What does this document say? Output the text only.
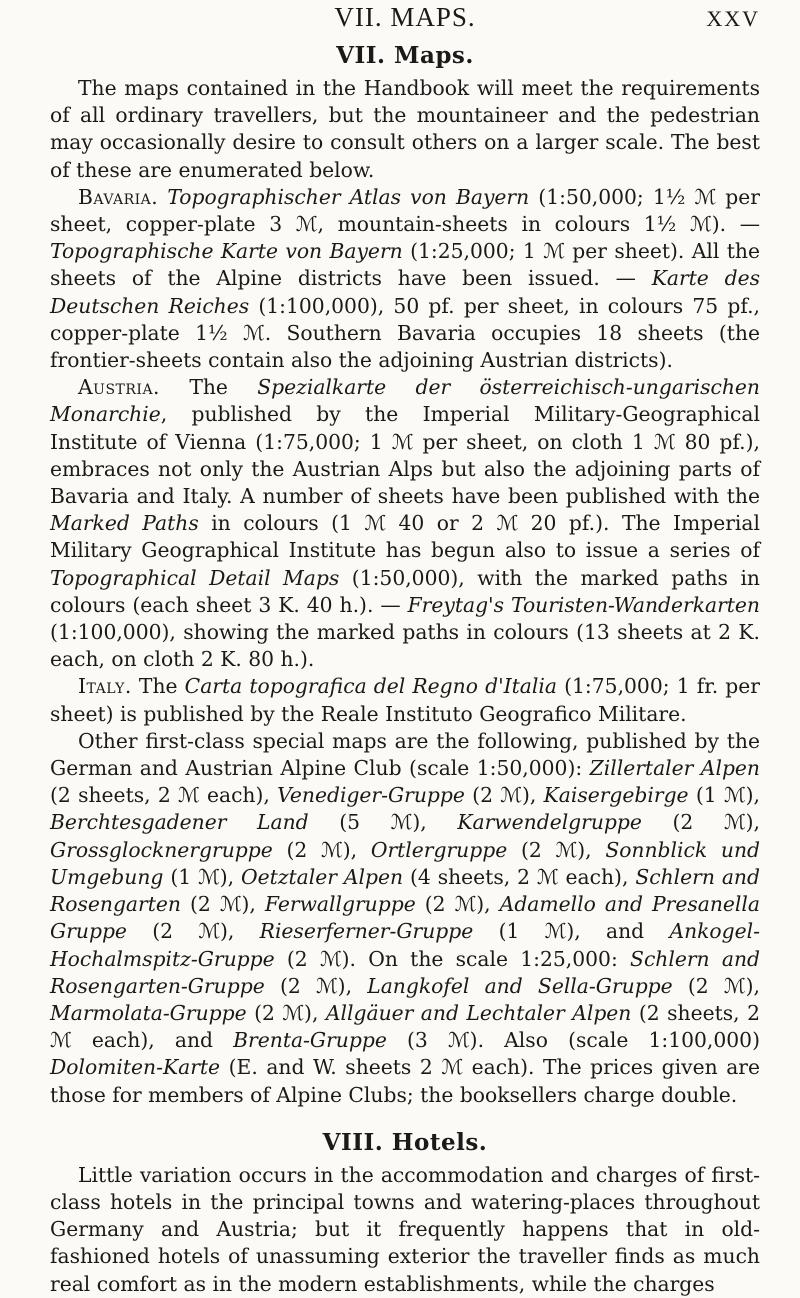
VII. MAPS.	XXV
VII. Maps.

The maps contained in the Handbook will meet the requirements of all ordinary travellers, but the mountaineer and the pedestrian may occasionally desire to consult others on a larger scale. The best of these are enumerated below.

Bavaria. Topographischer Atlas von Bayern (1:50,000; 1½ ℳ per sheet, copper-plate 3 ℳ, mountain-sheets in colours 1½ ℳ). — Topographische Karte von Bayern (1:25,000; 1 ℳ per sheet). All the sheets of the Alpine districts have been issued. — Karte des Deutschen Reiches (1:100,000), 50 pf. per sheet, in colours 75 pf., copper-plate 1½ ℳ. Southern Bavaria occupies 18 sheets (the frontier-sheets contain also the adjoining Austrian districts).

Austria. The Spezialkarte der österreichisch-ungarischen Monarchie, published by the Imperial Military-Geographical Institute of Vienna (1:75,000; 1 ℳ per sheet, on cloth 1 ℳ 80 pf.), embraces not only the Austrian Alps but also the adjoining parts of Bavaria and Italy. A number of sheets have been published with the Marked Paths in colours (1 ℳ 40 or 2 ℳ 20 pf.). The Imperial Military Geographical Institute has begun also to issue a series of Topographical Detail Maps (1:50,000), with the marked paths in colours (each sheet 3 K. 40 h.). — Freytag's Touristen-Wanderkarten (1:100,000), showing the marked paths in colours (13 sheets at 2 K. each, on cloth 2 K. 80 h.).

Italy. The Carta topografica del Regno d'Italia (1:75,000; 1 fr. per sheet) is published by the Reale Instituto Geografico Militare.

Other first-class special maps are the following, published by the German and Austrian Alpine Club (scale 1:50,000): Zillertaler Alpen (2 sheets, 2 ℳ each), Venediger-Gruppe (2 ℳ), Kaisergebirge (1 ℳ), Berchtesgadener Land (5 ℳ), Karwendelgruppe (2 ℳ), Grossglocknergruppe (2 ℳ), Ortlergruppe (2 ℳ), Sonnblick und Umgebung (1 ℳ), Oetztaler Alpen (4 sheets, 2 ℳ each), Schlern and Rosengarten (2 ℳ), Ferwallgruppe (2 ℳ), Adamello and Presanella Gruppe (2 ℳ), Rieserferner-Gruppe (1 ℳ), and Ankogel-Hochalmspitz-Gruppe (2 ℳ). On the scale 1:25,000: Schlern and Rosengarten-Gruppe (2 ℳ), Langkofel and Sella-Gruppe (2 ℳ), Marmolata-Gruppe (2 ℳ), Allgäuer and Lechtaler Alpen (2 sheets, 2 ℳ each), and Brenta-Gruppe (3 ℳ). Also (scale 1:100,000) Dolomiten-Karte (E. and W. sheets 2 ℳ each). The prices given are those for members of Alpine Clubs; the booksellers charge double.

VIII. Hotels.

Little variation occurs in the accommodation and charges of first-class hotels in the principal towns and watering-places throughout Germany and Austria; but it frequently happens that in old-fashioned hotels of unassuming exterior the traveller finds as much real comfort as in the modern establishments, while the charges
